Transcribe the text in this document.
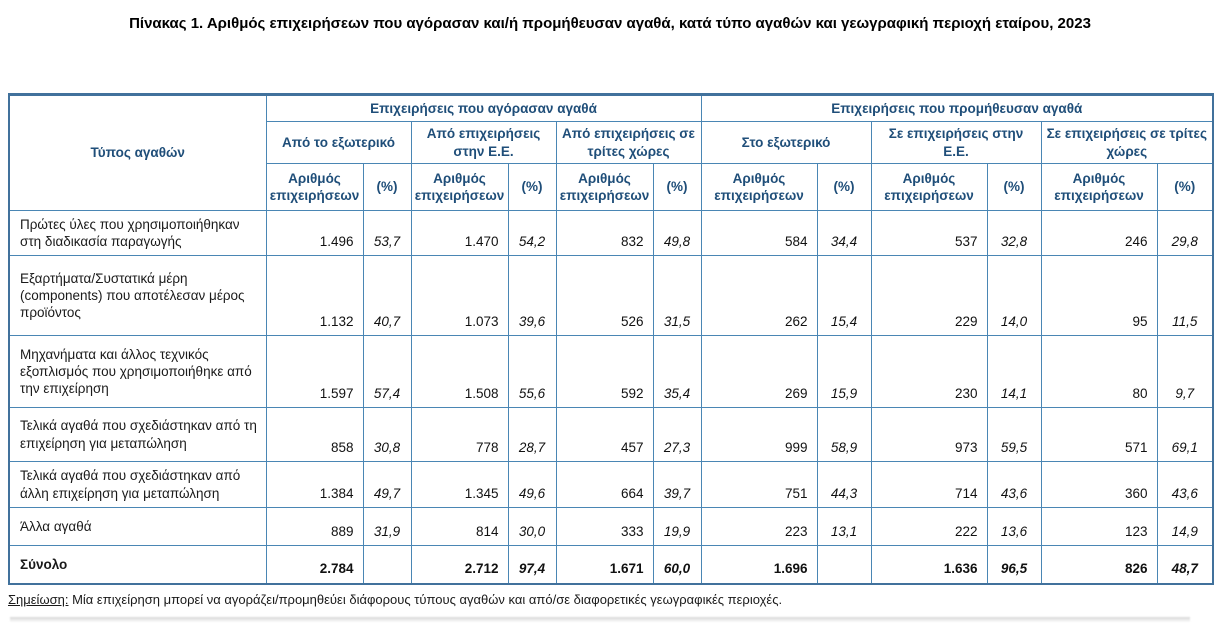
Πίνακας 1. Αριθμός επιχειρήσεων που αγόρασαν και/ή προμήθευσαν αγαθά, κατά τύπο αγαθών και γεωγραφική περιοχή εταίρου, 2023
Τύπος αγαθών	Επιχειρήσεις που αγόρασαν αγαθά						Επιχειρήσεις που προμήθευσαν αγαθά					
	Από το εξωτερικό		Από επιχειρήσεις στην Ε.Ε.		Από επιχειρήσεις σε τρίτες χώρες		Στο εξωτερικό		Σε επιχειρήσεις στην Ε.Ε.		Σε επιχειρήσεις σε τρίτες χώρες	
	Αριθμός επιχειρήσεων	(%)	Αριθμός επιχειρήσεων	(%)	Αριθμός επιχειρήσεων	(%)	Αριθμός επιχειρήσεων	(%)	Αριθμός επιχειρήσεων	(%)	Αριθμός επιχειρήσεων	(%)
Πρώτες ύλες που χρησιμοποιήθηκαν στη διαδικασία παραγωγής	1.496	53,7	1.470	54,2	832	49,8	584	34,4	537	32,8	246	29,8
Εξαρτήματα/Συστατικά μέρη (components) που αποτέλεσαν μέρος προϊόντος	1.132	40,7	1.073	39,6	526	31,5	262	15,4	229	14,0	95	11,5
Μηχανήματα και άλλος τεχνικός εξοπλισμός που χρησιμοποιήθηκε από την επιχείρηση	1.597	57,4	1.508	55,6	592	35,4	269	15,9	230	14,1	80	9,7
Τελικά αγαθά που σχεδιάστηκαν από τη επιχείρηση για μεταπώληση	858	30,8	778	28,7	457	27,3	999	58,9	973	59,5	571	69,1
Τελικά αγαθά που σχεδιάστηκαν από άλλη επιχείρηση για μεταπώληση	1.384	49,7	1.345	49,6	664	39,7	751	44,3	714	43,6	360	43,6
Άλλα αγαθά	889	31,9	814	30,0	333	19,9	223	13,1	222	13,6	123	14,9
Σύνολο	2.784		2.712	97,4	1.671	60,0	1.696		1.636	96,5	826	48,7

Σημείωση: Μία επιχείρηση μπορεί να αγοράζει/προμηθεύει διάφορους τύπους αγαθών και από/σε διαφορετικές γεωγραφικές περιοχές.
